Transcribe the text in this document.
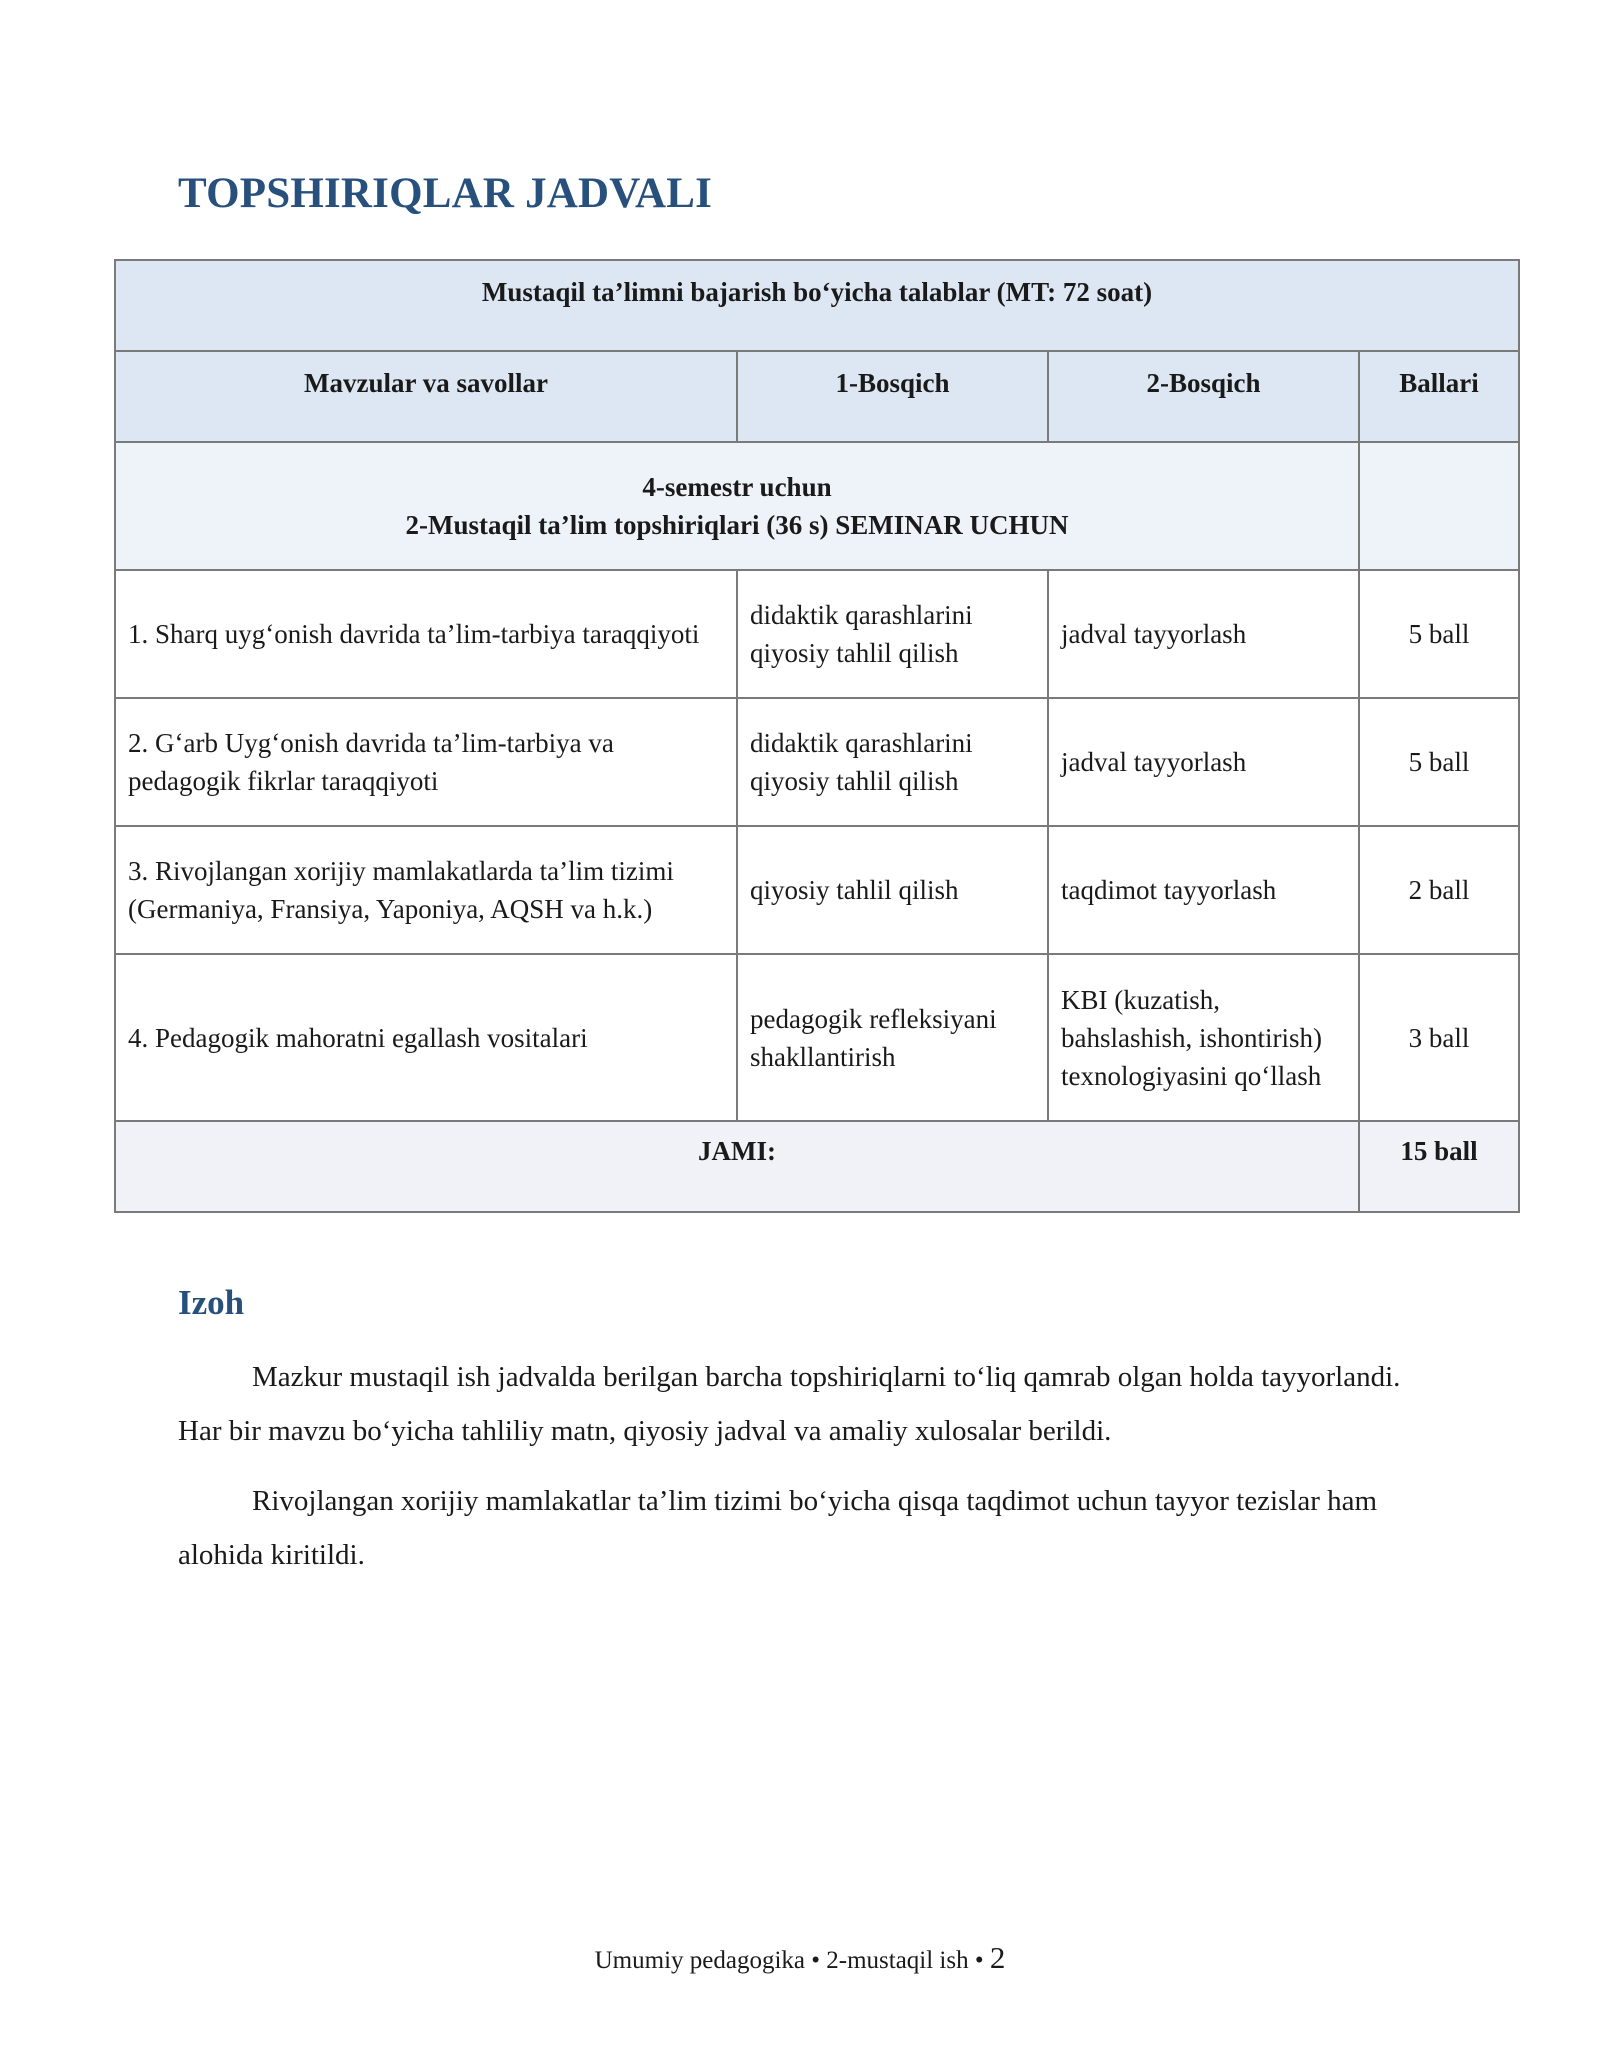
TOPSHIRIQLAR JADVALI
Mustaqil ta’limni bajarish bo‘yicha talablar (MT: 72 soat)			
Mavzular va savollar	1-Bosqich	2-Bosqich	Ballari

4-semestr uchun
2-Mustaqil ta’lim topshiriqlari (36 s) SEMINAR UCHUN			

1. Sharq uyg‘onish davrida ta’lim-tarbiya taraqqiyoti	didaktik qarashlarini qiyosiy tahlil qilish	jadval tayyorlash	5 ball
2. G‘arb Uyg‘onish davrida ta’lim-tarbiya va pedagogik fikrlar taraqqiyoti	didaktik qarashlarini qiyosiy tahlil qilish	jadval tayyorlash	5 ball
3. Rivojlangan xorijiy mamlakatlarda ta’lim tizimi (Germaniya, Fransiya, Yaponiya, AQSH va h.k.)	qiyosiy tahlil qilish	taqdimot tayyorlash	2 ball
4. Pedagogik mahoratni egallash vositalari	pedagogik refleksiyani shakllantirish	KBI (kuzatish, bahslashish, ishontirish) texnologiyasini qo‘llash	3 ball
JAMI:			15 ball
Izoh

Mazkur mustaqil ish jadvalda berilgan barcha topshiriqlarni to‘liq qamrab olgan holda tayyorlandi. Har bir mavzu bo‘yicha tahliliy matn, qiyosiy jadval va amaliy xulosalar berildi.

Rivojlangan xorijiy mamlakatlar ta’lim tizimi bo‘yicha qisqa taqdimot uchun tayyor tezislar ham alohida kiritildi.

Umumiy pedagogika • 2-mustaqil ish • 2
